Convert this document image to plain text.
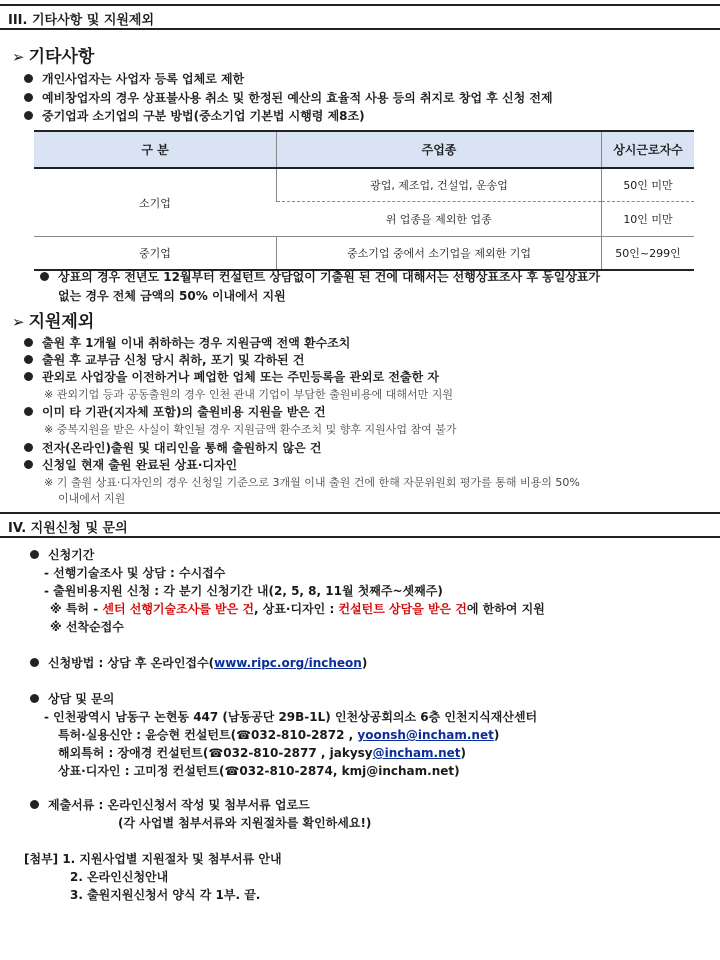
III. 기타사항 및 지원제외
➢ 기타사항
개인사업자는 사업자 등록 업체로 제한
예비창업자의 경우 상표불사용 취소 및 한정된 예산의 효율적 사용 등의 취지로 창업 후 신청 전제
중기업과 소기업의 구분 방법(중소기업 기본법 시행령 제8조)
구 분	주업종	상시근로자수
소기업	광업, 제조업, 건설업, 운송업	50인 미만
	위 업종을 제외한 업종	10인 미만
중기업	중소기업 중에서 소기업을 제외한 기업	50인~299인
상표의 경우 전년도 12월부터 컨설턴트 상담없이 기출원 된 건에 대해서는 선행상표조사 후 동일상표가
없는 경우 전체 금액의 50% 이내에서 지원
➢ 지원제외
출원 후 1개월 이내 취하하는 경우 지원금액 전액 환수조치
출원 후 교부금 신청 당시 취하, 포기 및 각하된 건
관외로 사업장을 이전하거나 폐업한 업체 또는 주민등록을 관외로 전출한 자
※ 관외기업 등과 공동출원의 경우 인천 관내 기업이 부담한 출원비용에 대해서만 지원
이미 타 기관(지자체 포함)의 출원비용 지원을 받은 건
※ 중복지원을 받은 사실이 확인될 경우 지원금액 환수조치 및 향후 지원사업 참여 불가
전자(온라인)출원 및 대리인을 통해 출원하지 않은 건
신청일 현재 출원 완료된 상표·디자인
※ 기 출원 상표·디자인의 경우 신청일 기준으로 3개월 이내 출원 건에 한해 자문위원회 평가를 통해 비용의 50%
이내에서 지원
IV. 지원신청 및 문의
신청기간
- 선행기술조사 및 상담 : 수시접수
- 출원비용지원 신청 : 각 분기 신청기간 내(2, 5, 8, 11월 첫째주~셋째주)
※ 특허 - 센터 선행기술조사를 받은 건, 상표·디자인 : 컨설턴트 상담을 받은 건에 한하여 지원
※ 선착순접수
신청방법 : 상담 후 온라인접수(www.ripc.org/incheon)
상담 및 문의
- 인천광역시 남동구 논현동 447 (남동공단 29B-1L) 인천상공회의소 6층 인천지식재산센터
특허·실용신안 : 윤승현 컨설턴트(☎032-810-2872 , yoonsh@incham.net)
해외특허 : 장애경 컨설턴트(☎032-810-2877 , jakysy@incham.net)
상표·디자인 : 고미정 컨설턴트(☎032-810-2874, kmj@incham.net)
제출서류 : 온라인신청서 작성 및 첨부서류 업로드
(각 사업별 첨부서류와 지원절차를 확인하세요!)
[첨부] 1. 지원사업별 지원절차 및 첨부서류 안내
2. 온라인신청안내
3. 출원지원신청서 양식 각 1부. 끝.
